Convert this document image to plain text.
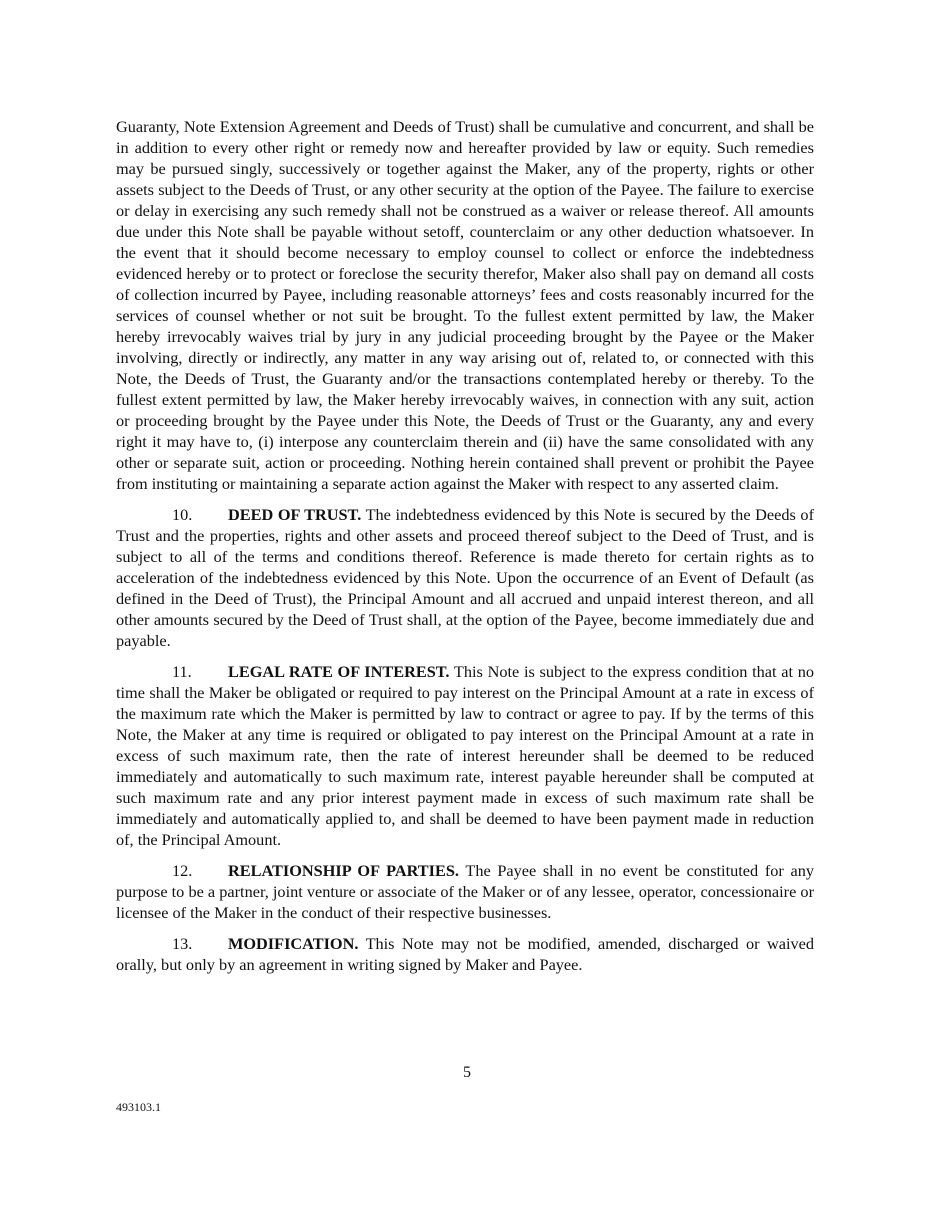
Guaranty, Note Extension Agreement and Deeds of Trust) shall be cumulative and concurrent, and shall be in addition to every other right or remedy now and hereafter provided by law or equity. Such remedies may be pursued singly, successively or together against the Maker, any of the property, rights or other assets subject to the Deeds of Trust, or any other security at the option of the Payee. The failure to exercise or delay in exercising any such remedy shall not be construed as a waiver or release thereof. All amounts due under this Note shall be payable without setoff, counterclaim or any other deduction whatsoever. In the event that it should become necessary to employ counsel to collect or enforce the indebtedness evidenced hereby or to protect or foreclose the security therefor, Maker also shall pay on demand all costs of collection incurred by Payee, including reasonable attorneys’ fees and costs reasonably incurred for the services of counsel whether or not suit be brought. To the fullest extent permitted by law, the Maker hereby irrevocably waives trial by jury in any judicial proceeding brought by the Payee or the Maker involving, directly or indirectly, any matter in any way arising out of, related to, or connected with this Note, the Deeds of Trust, the Guaranty and/or the transactions contemplated hereby or thereby. To the fullest extent permitted by law, the Maker hereby irrevocably waives, in connection with any suit, action or proceeding brought by the Payee under this Note, the Deeds of Trust or the Guaranty, any and every right it may have to, (i) interpose any counterclaim therein and (ii) have the same consolidated with any other or separate suit, action or proceeding. Nothing herein contained shall prevent or prohibit the Payee from instituting or maintaining a separate action against the Maker with respect to any asserted claim.

10. DEED OF TRUST. The indebtedness evidenced by this Note is secured by the Deeds of Trust and the properties, rights and other assets and proceed thereof subject to the Deed of Trust, and is subject to all of the terms and conditions thereof. Reference is made thereto for certain rights as to acceleration of the indebtedness evidenced by this Note. Upon the occurrence of an Event of Default (as defined in the Deed of Trust), the Principal Amount and all accrued and unpaid interest thereon, and all other amounts secured by the Deed of Trust shall, at the option of the Payee, become immediately due and payable.

11. LEGAL RATE OF INTEREST. This Note is subject to the express condition that at no time shall the Maker be obligated or required to pay interest on the Principal Amount at a rate in excess of the maximum rate which the Maker is permitted by law to contract or agree to pay. If by the terms of this Note, the Maker at any time is required or obligated to pay interest on the Principal Amount at a rate in excess of such maximum rate, then the rate of interest hereunder shall be deemed to be reduced immediately and automatically to such maximum rate, interest payable hereunder shall be computed at such maximum rate and any prior interest payment made in excess of such maximum rate shall be immediately and automatically applied to, and shall be deemed to have been payment made in reduction of, the Principal Amount.

12. RELATIONSHIP OF PARTIES. The Payee shall in no event be constituted for any purpose to be a partner, joint venture or associate of the Maker or of any lessee, operator, concessionaire or licensee of the Maker in the conduct of their respective businesses.

13. MODIFICATION. This Note may not be modified, amended, discharged or waived orally, but only by an agreement in writing signed by Maker and Payee.

5
493103.1
